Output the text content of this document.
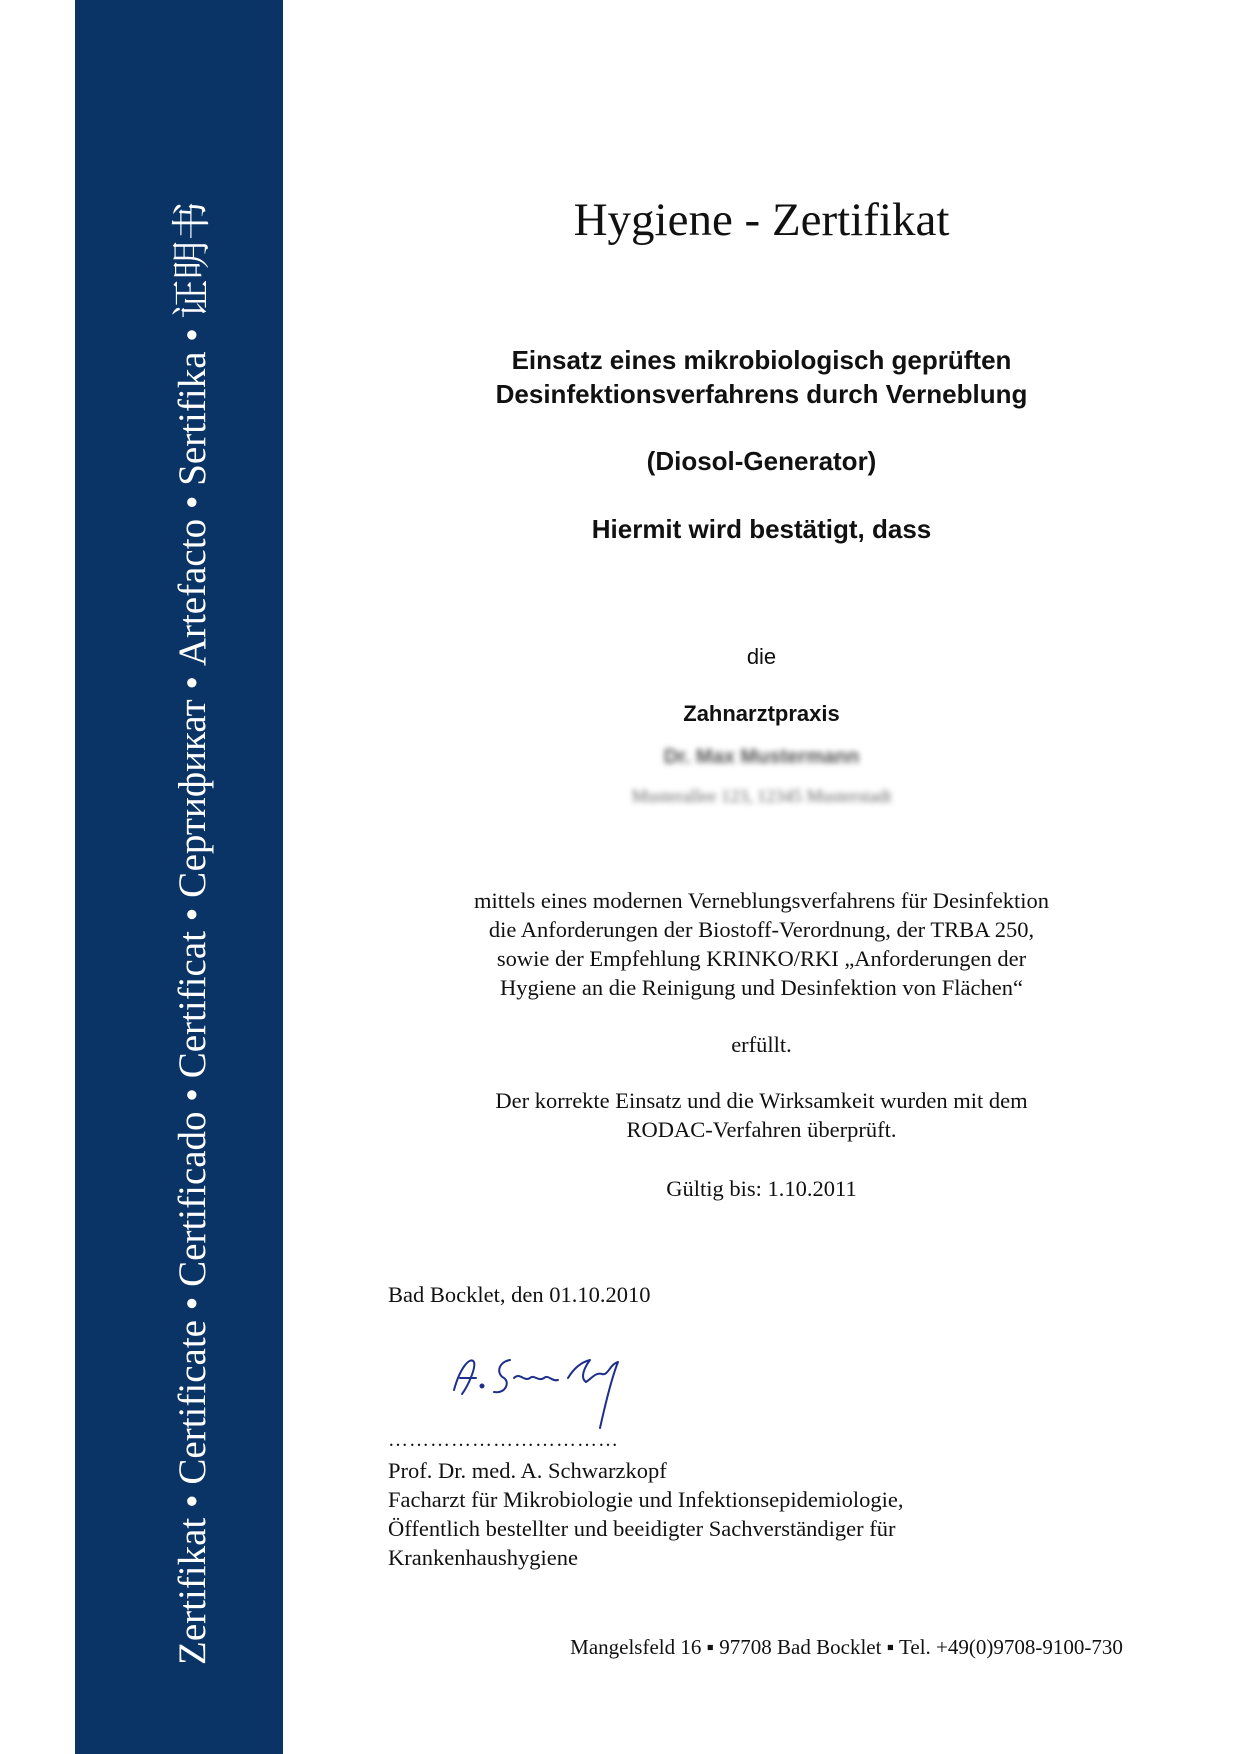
Zertifikat • Certificate • Certificado • Certificat • Сертификат • Artefacto • Sertifika • 证明书	Hygiene - Zertifikat
Einsatz eines mikrobiologisch geprüften
Desinfektionsverfahrens durch Verneblung
(Diosol-Generator)
Hiermit wird bestätigt, dass
die
Zahnarztpraxis
Dr. Max Mustermann
Musterallee 123, 12345 Musterstadt
mittels eines modernen Verneblungsverfahrens für Desinfektion
die Anforderungen der Biostoff-Verordnung, der TRBA 250,
sowie der Empfehlung KRINKO/RKI „Anforderungen der
Hygiene an die Reinigung und Desinfektion von Flächen“
erfüllt.
Der korrekte Einsatz und die Wirksamkeit wurden mit dem
RODAC-Verfahren überprüft.
Gültig bis: 1.10.2011
Bad Bocklet, den 01.10.2010
……………………………
Prof. Dr. med. A. Schwarzkopf
Facharzt für Mikrobiologie und Infektionsepidemiologie,
Öffentlich bestellter und beeidigter Sachverständiger für
Krankenhaushygiene
Mangelsfeld 16 ▪ 97708 Bad Bocklet ▪ Tel. +49(0)9708-9100-730
